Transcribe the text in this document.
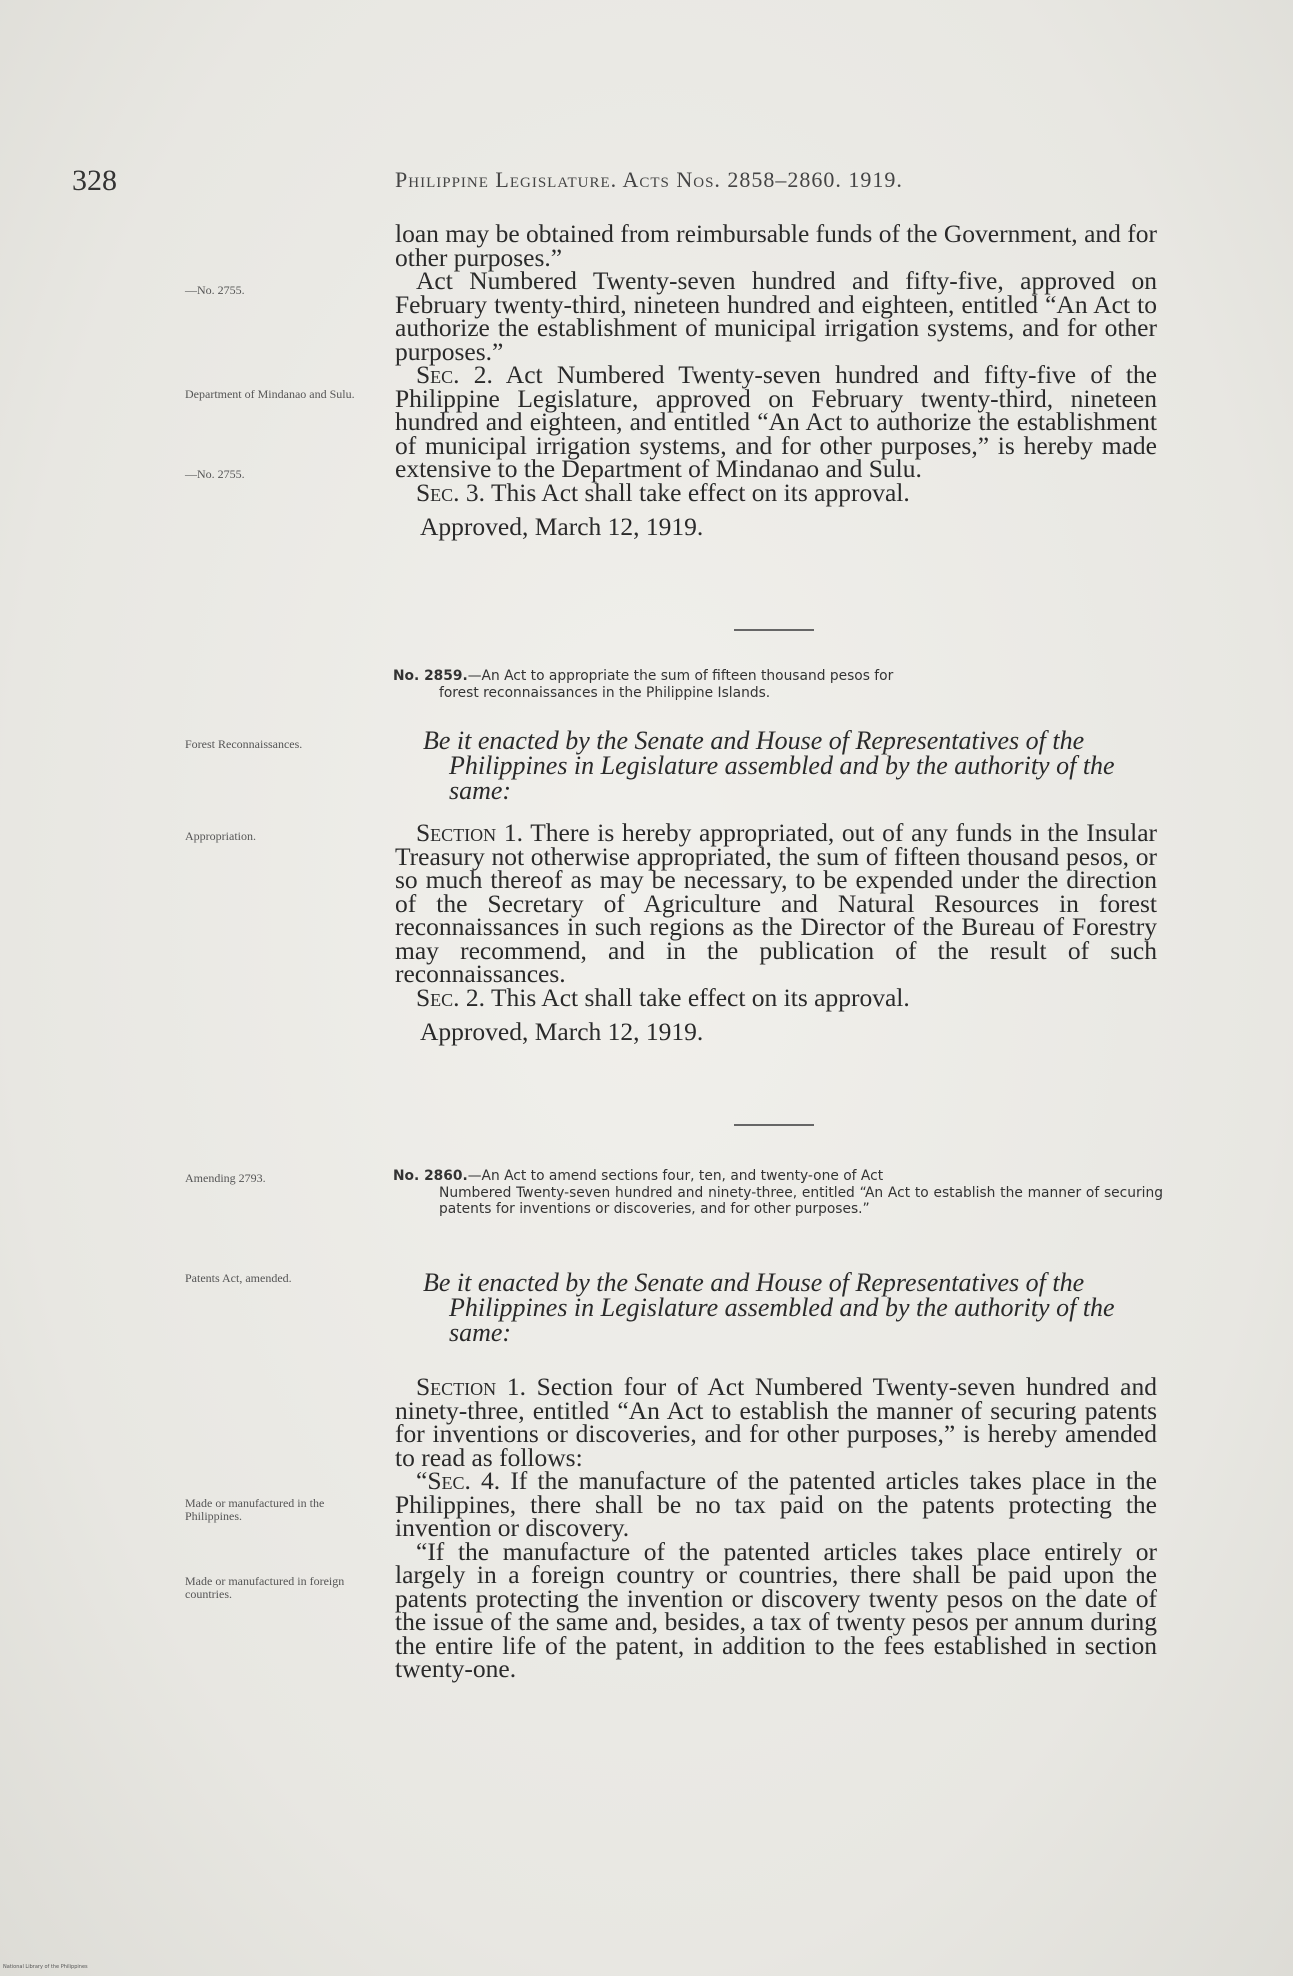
328	Philippine Legislature. Acts Nos. 2858–2860. 1919.
—No. 2755.
Department of Mindanao and Sulu.
—No. 2755.
Forest Reconnaissances.
Appropriation.
Amending 2793.
Patents Act, amended.
Made or manufactured in the Philippines.
Made or manufactured in foreign countries.

loan may be obtained from reimbursable funds of the Government, and for other purposes.”

Act Numbered Twenty-seven hundred and fifty-five, approved on February twenty-third, nineteen hundred and eighteen, entitled “An Act to authorize the establishment of municipal irrigation systems, and for other purposes.”

Sec. 2. Act Numbered Twenty-seven hundred and fifty-five of the Philippine Legislature, approved on February twenty-third, nineteen hundred and eighteen, and entitled “An Act to authorize the establishment of municipal irrigation systems, and for other purposes,” is hereby made extensive to the Department of Mindanao and Sulu.

Sec. 3. This Act shall take effect on its approval.

Approved, March 12, 1919.

No. 2859.—An Act to appropriate the sum of fifteen thousand pesos for
forest reconnaissances in the Philippine Islands.

Be it enacted by the Senate and House of Representatives of the Philippines in Legislature assembled and by the authority of the same:

Section 1. There is hereby appropriated, out of any funds in the Insular Treasury not otherwise appropriated, the sum of fifteen thousand pesos, or so much thereof as may be necessary, to be expended under the direction of the Secretary of Agriculture and Natural Resources in forest reconnaissances in such regions as the Director of the Bureau of Forestry may recommend, and in the publication of the result of such reconnaissances.

Sec. 2. This Act shall take effect on its approval.

Approved, March 12, 1919.

No. 2860.—An Act to amend sections four, ten, and twenty-one of Act
Numbered Twenty-seven hundred and ninety-three, entitled “An Act to establish the manner of securing patents for inventions or discoveries, and for other purposes.”

Be it enacted by the Senate and House of Representatives of the Philippines in Legislature assembled and by the authority of the same:

Section 1. Section four of Act Numbered Twenty-seven hundred and ninety-three, entitled “An Act to establish the manner of securing patents for inventions or discoveries, and for other purposes,” is hereby amended to read as follows:

“Sec. 4. If the manufacture of the patented articles takes place in the Philippines, there shall be no tax paid on the patents protecting the invention or discovery.

“If the manufacture of the patented articles takes place entirely or largely in a foreign country or countries, there shall be paid upon the patents protecting the invention or discovery twenty pesos on the date of the issue of the same and, besides, a tax of twenty pesos per annum during the entire life of the patent, in addition to the fees established in section twenty-one.

National Library of the Philippines
